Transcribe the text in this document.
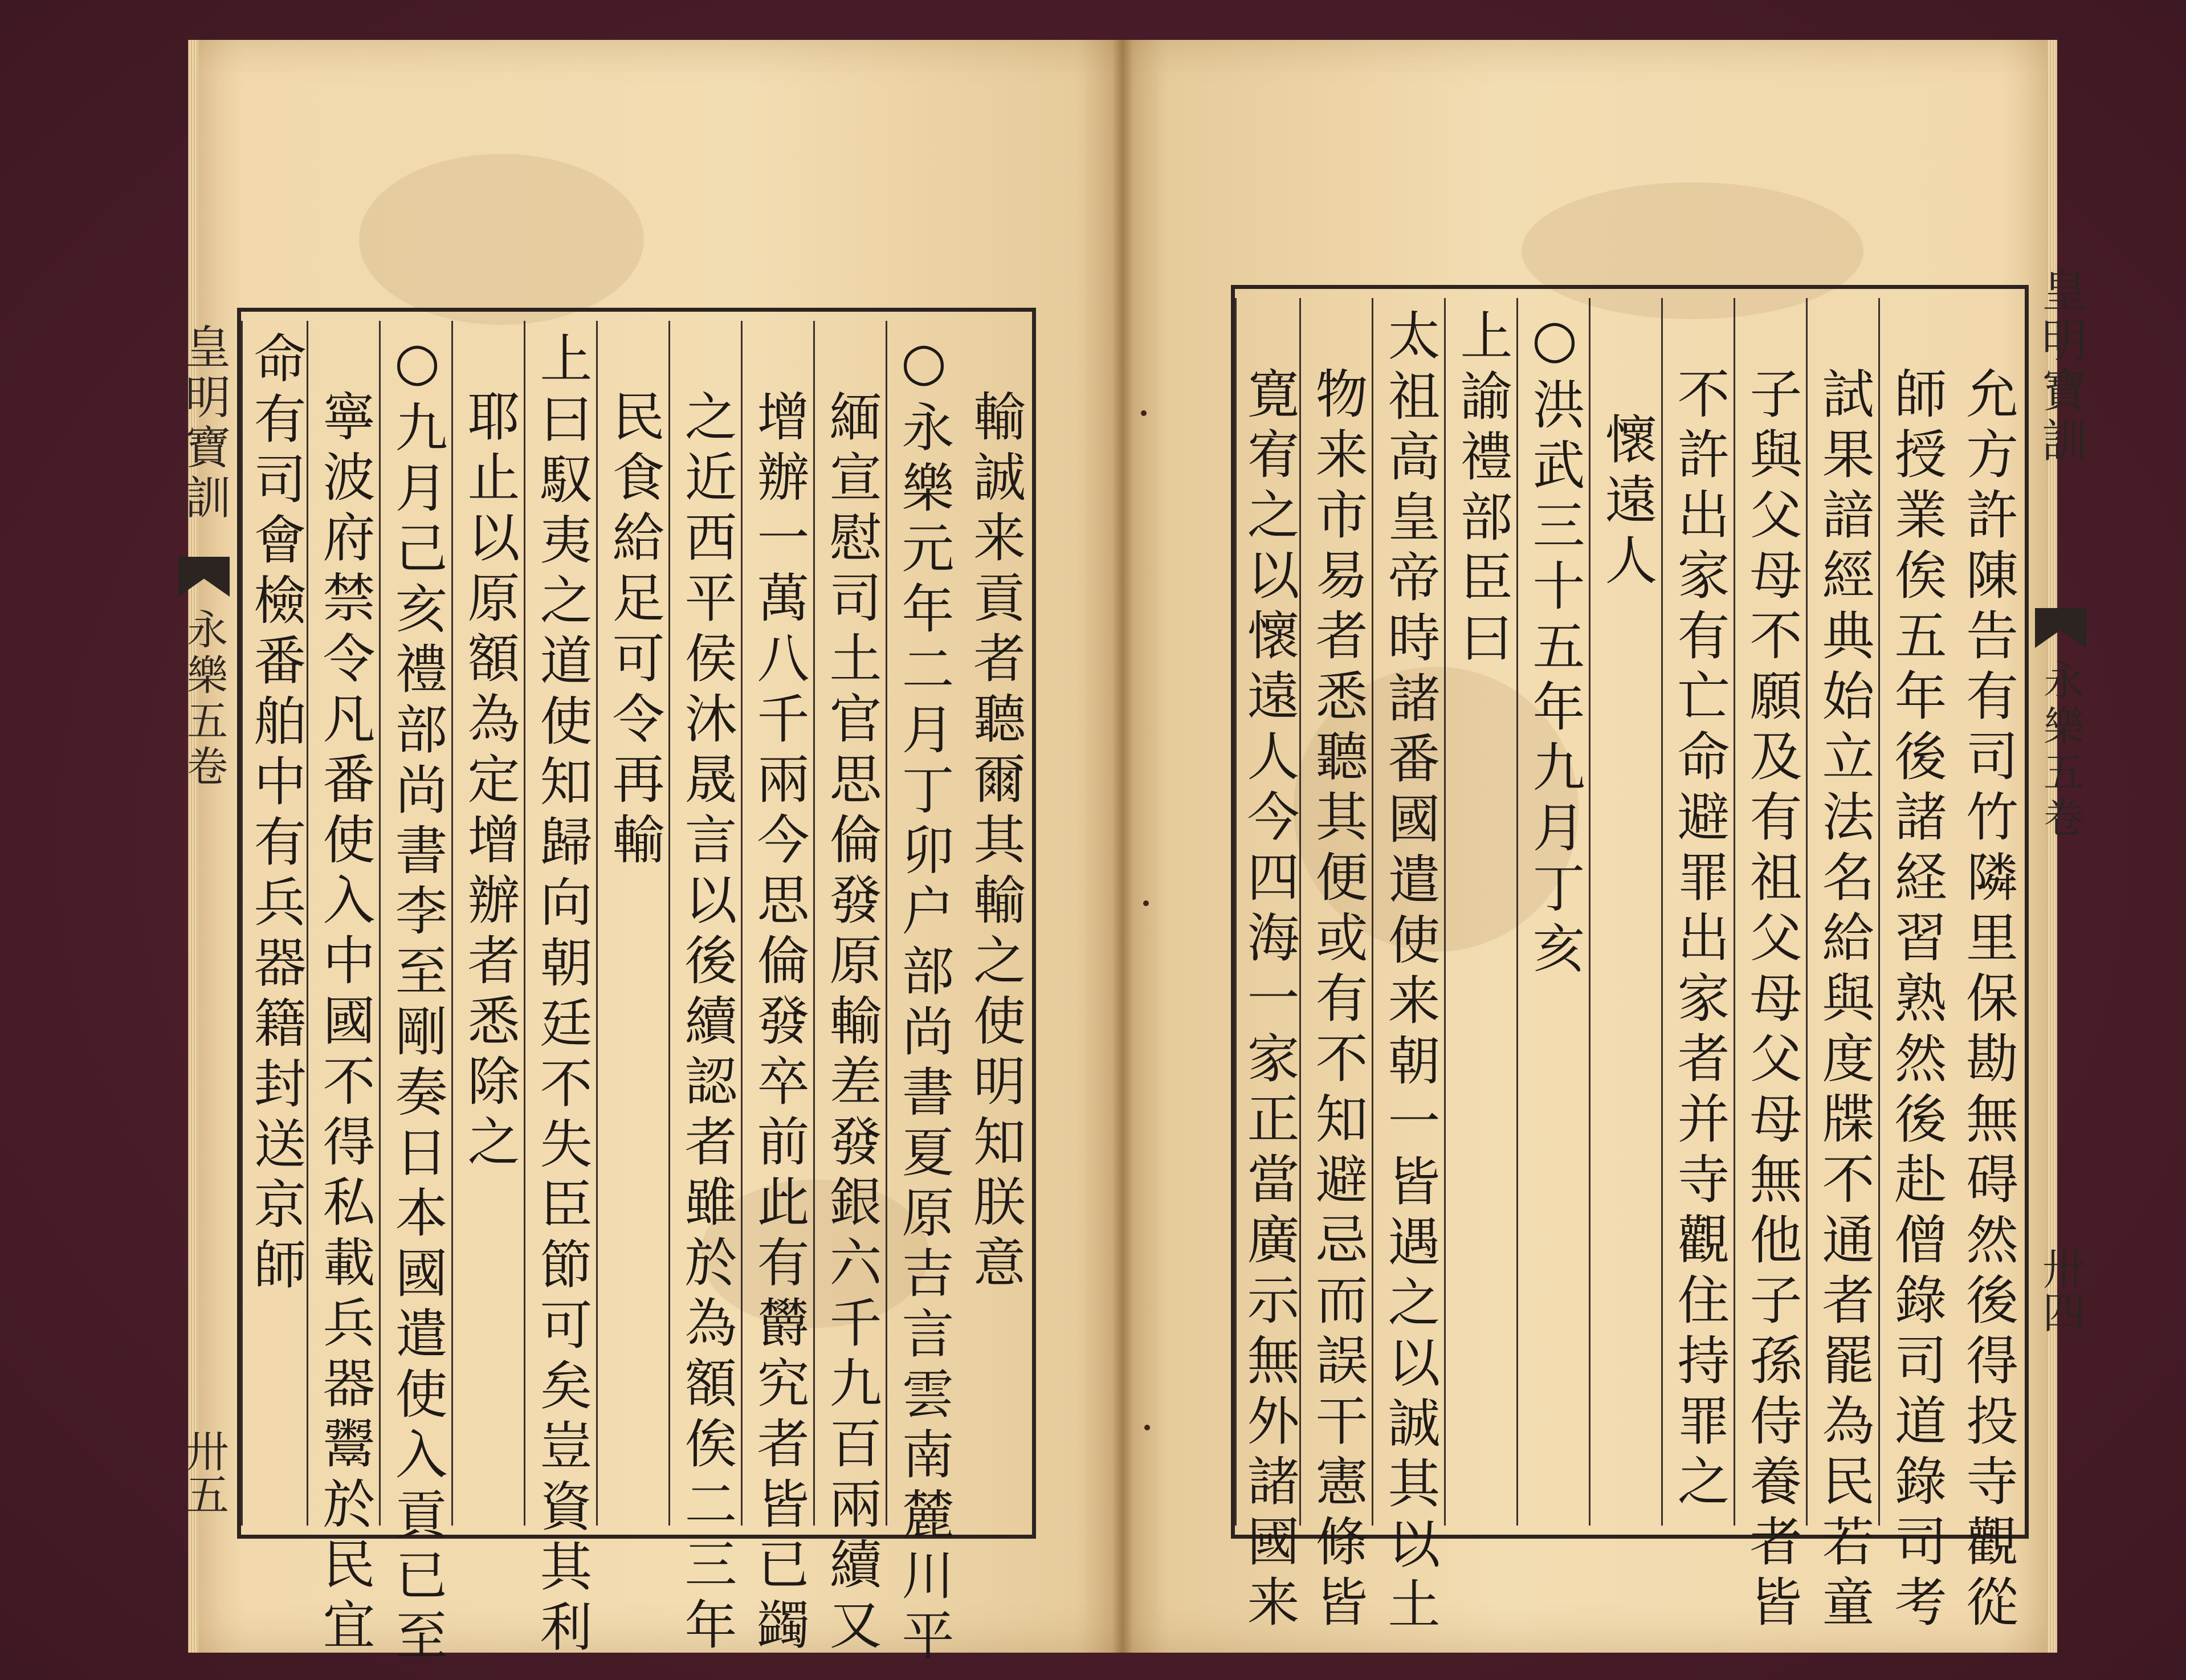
皇明寶訓
永樂五卷
卅五
輸誠来貢者聽爾其輸之使明知朕意
○永樂元年二月丁卯户部尚書夏原吉言雲南麓川平
緬宣慰司土官思倫發原輸差發銀六千九百兩續又
增辦一萬八千兩今思倫發卒前此有欝究者皆已蠲
之近西平侯沐晟言以後續認者雖於為額俟二三年
民食給足可令再輸
上曰馭夷之道使知歸向朝廷不失臣節可矣豈資其利
耶止以原額為定增辦者悉除之
○九月己亥禮部尚書李至剛奏日本國遣使入貢已至
寧波府禁令凡番使入中國不得私載兵器鬻於民宜
命有司會檢番舶中有兵器籍封送京師	皇明寶訓
永樂五卷
卅四
允方許陳告有司竹隣里保勘無碍然後得投寺觀從
師授業俟五年後諸経習熟然後赴僧錄司道錄司考
試果諳經典始立法名給與度牒不通者罷為民若童
子與父母不願及有祖父母父母無他子孫侍養者皆
不許出家有亡命避罪出家者并寺觀住持罪之
懷遠人
○洪武三十五年九月丁亥
上諭禮部臣曰
太祖高皇帝時諸番國遣使来朝一皆遇之以誠其以土
物来市易者悉聽其便或有不知避忌而誤干憲條皆
寛宥之以懷遠人今四海一家正當廣示無外諸國来
